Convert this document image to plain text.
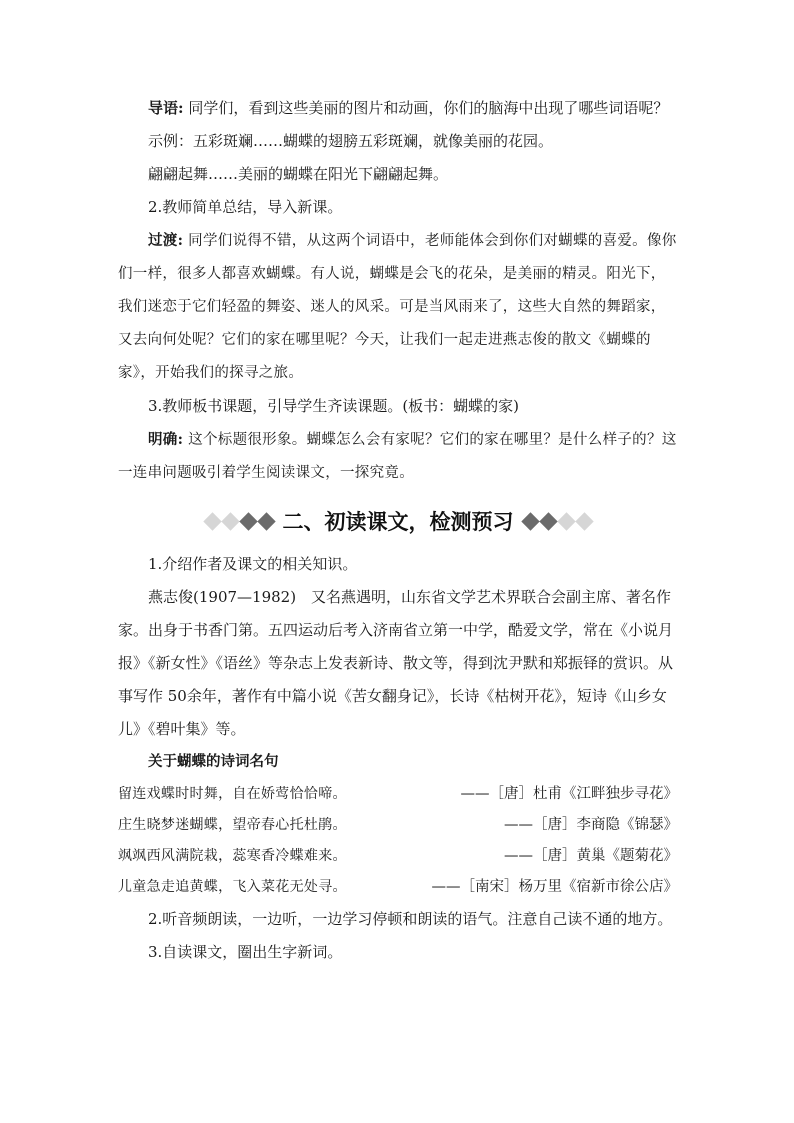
导语: 同学们，看到这些美丽的图片和动画，你们的脑海中出现了哪些词语呢？

示例：五彩斑斓……蝴蝶的翅膀五彩斑斓，就像美丽的花园。

翩翩起舞……美丽的蝴蝶在阳光下翩翩起舞。

2.教师简单总结，导入新课。

过渡: 同学们说得不错，从这两个词语中，老师能体会到你们对蝴蝶的喜爱。像你们一样，很多人都喜欢蝴蝶。有人说，蝴蝶是会飞的花朵，是美丽的精灵。阳光下，我们迷恋于它们轻盈的舞姿、迷人的风采。可是当风雨来了，这些大自然的舞蹈家，又去向何处呢？它们的家在哪里呢？今天，让我们一起走进燕志俊的散文《蝴蝶的家》，开始我们的探寻之旅。

3.教师板书课题，引导学生齐读课题。(板书：蝴蝶的家)

明确: 这个标题很形象。蝴蝶怎么会有家呢？它们的家在哪里？是什么样子的？这一连串问题吸引着学生阅读课文，一探究竟。

二、初读课文，检测预习

1.介绍作者及课文的相关知识。

燕志俊(1907—1982)　又名燕遇明，山东省文学艺术界联合会副主席、著名作家。出身于书香门第。五四运动后考入济南省立第一中学，酷爱文学，常在《小说月报》《新女性》《语丝》等杂志上发表新诗、散文等，得到沈尹默和郑振铎的赏识。从事写作 50余年，著作有中篇小说《苦女翻身记》，长诗《枯树开花》，短诗《山乡女儿》《碧叶集》等。

关于蝴蝶的诗词名句

留连戏蝶时时舞，自在娇莺恰恰啼。	——［唐］杜甫《江畔独步寻花》
庄生晓梦迷蝴蝶，望帝春心托杜鹃。	——［唐］李商隐《锦瑟》
飒飒西风满院栽，蕊寒香冷蝶难来。	——［唐］黄巢《题菊花》
儿童急走追黄蝶，飞入菜花无处寻。	——［南宋］杨万里《宿新市徐公店》

2.听音频朗读，一边听，一边学习停顿和朗读的语气。注意自己读不通的地方。

3.自读课文，圈出生字新词。
